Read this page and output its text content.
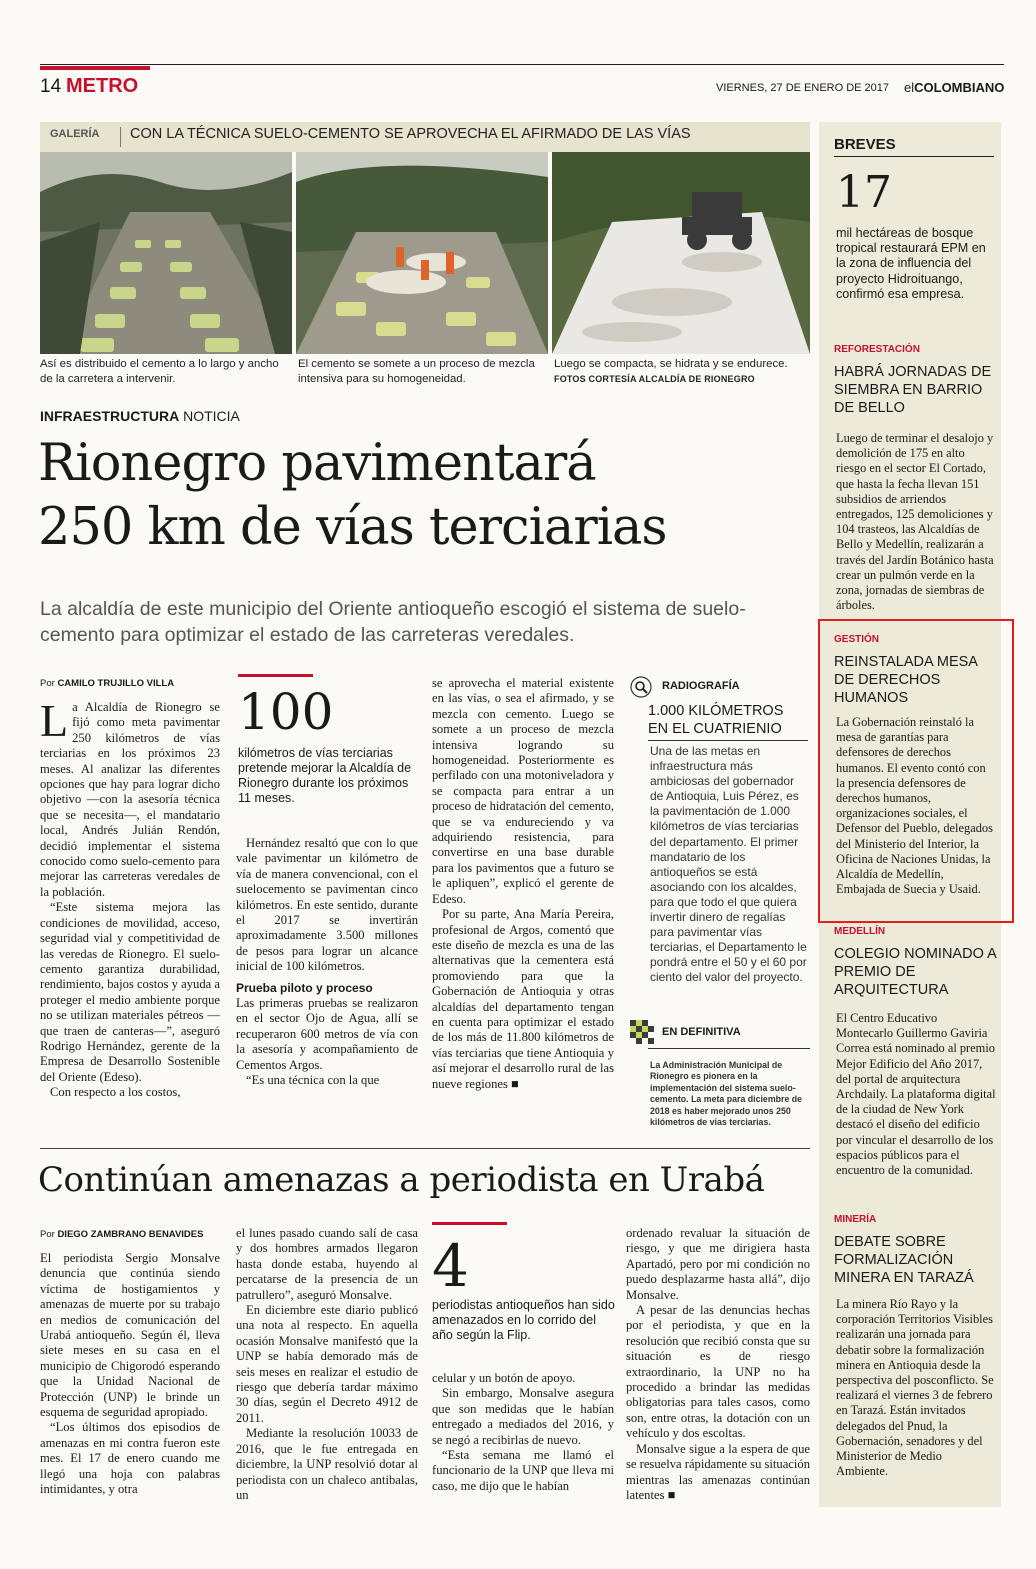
14 METRO	VIERNES, 27 DE ENERO DE 2017 elCOLOMBIANO
GALERÍA CON LA TÉCNICA SUELO-CEMENTO SE APROVECHA EL AFIRMADO DE LAS VÍAS
Así es distribuido el cemento a lo largo y ancho de la carretera a intervenir.
El cemento se somete a un proceso de mezcla intensiva para su homogeneidad.
Luego se compacta, se hidrata y se endurece. FOTOS CORTESÍA ALCALDÍA DE RIONEGRO
INFRAESTRUCTURA NOTICIA
Rionegro pavimentará
250 km de vías terciarias
La alcaldía de este municipio del Oriente antioqueño escogió el sistema de suelo-cemento para optimizar el estado de las carreteras veredales.
Por CAMILO TRUJILLO VILLA

La Alcaldía de Rionegro se fijó como meta pavimentar 250 kilómetros de vías terciarias en los próximos 23 meses. Al analizar las diferentes opciones que hay para lograr dicho objetivo —con la asesoría técnica que se necesita—, el mandatario local, Andrés Julián Rendón, decidió implementar el sistema conocido como suelo-cemento para mejorar las carreteras veredales de la población.

“Este sistema mejora las condiciones de movilidad, acceso, seguridad vial y competitividad de las veredas de Rionegro. El suelo-cemento garantiza durabilidad, rendimiento, bajos costos y ayuda a proteger el medio ambiente porque no se utilizan materiales pétreos —que traen de canteras—”, aseguró Rodrigo Hernández, gerente de la Empresa de Desarrollo Sostenible del Oriente (Edeso).

Con respecto a los costos,

100
kilómetros de vías terciarias pretende mejorar la Alcaldía de Rionegro durante los próximos 11 meses.

Hernández resaltó que con lo que vale pavimentar un kilómetro de vía de manera convencional, con el suelocemento se pavimentan cinco kilómetros. En este sentido, durante el 2017 se invertirán aproximadamente 3.500 millones de pesos para lograr un alcance inicial de 100 kilómetros.

Prueba piloto y proceso

Las primeras pruebas se realizaron en el sector Ojo de Agua, allí se recuperaron 600 metros de vía con la asesoría y acompañamiento de Cementos Argos.

“Es una técnica con la que

se aprovecha el material existente en las vías, o sea el afirmado, y se mezcla con cemento. Luego se somete a un proceso de mezcla intensiva logrando su homogeneidad. Posteriormente es perfilado con una motoniveladora y se compacta para entrar a un proceso de hidratación del cemento, que se va endureciendo y va adquiriendo resistencia, para convertirse en una base durable para los pavimentos que a futuro se le apliquen”, explicó el gerente de Edeso.

Por su parte, Ana María Pereira, profesional de Argos, comentó que este diseño de mezcla es una de las alternativas que la cementera está promoviendo para que la Gobernación de Antioquia y otras alcaldías del departamento tengan en cuenta para optimizar el estado de los más de 11.800 kilómetros de vías terciarias que tiene Antioquia y así mejorar el desarrollo rural de las nueve regiones ■

RADIOGRAFÍA
1.000 KILÓMETROS
EN EL CUATRIENIO
Una de las metas en infraestructura más ambiciosas del gobernador de Antioquia, Luis Pérez, es la pavimentación de 1.000 kilómetros de vías terciarias del departamento. El primer mandatario de los antioqueños se está asociando con los alcaldes, para que todo el que quiera invertir dinero de regalías para pavimentar vías terciarias, el Departamento le pondrá entre el 50 y el 60 por ciento del valor del proyecto.
EN DEFINITIVA
La Administración Municipal de Rionegro es pionera en la implementación del sistema suelo-cemento. La meta para diciembre de 2018 es haber mejorado unos 250 kilómetros de vías terciarias.
Continúan amenazas a periodista en Urabá
Por DIEGO ZAMBRANO BENAVIDES

El periodista Sergio Monsalve denuncia que continúa siendo víctima de hostigamientos y amenazas de muerte por su trabajo en medios de comunicación del Urabá antioqueño. Según él, lleva siete meses en su casa en el municipio de Chigorodó esperando que la Unidad Nacional de Protección (UNP) le brinde un esquema de seguridad apropiado.

“Los últimos dos episodios de amenazas en mi contra fueron este mes. El 17 de enero cuando me llegó una hoja con palabras intimidantes, y otra

el lunes pasado cuando salí de casa y dos hombres armados llegaron hasta donde estaba, huyendo al percatarse de la presencia de un patrullero”, aseguró Monsalve.

En diciembre este diario publicó una nota al respecto. En aquella ocasión Monsalve manifestó que la UNP se había demorado más de seis meses en realizar el estudio de riesgo que debería tardar máximo 30 días, según el Decreto 4912 de 2011.

Mediante la resolución 10033 de 2016, que le fue entregada en diciembre, la UNP resolvió dotar al periodista con un chaleco antibalas, un

4
periodistas antioqueños han sido amenazados en lo corrido del año según la Flip.

celular y un botón de apoyo.

Sin embargo, Monsalve asegura que son medidas que le habían entregado a mediados del 2016, y se negó a recibirlas de nuevo.

“Esta semana me llamó el funcionario de la UNP que lleva mi caso, me dijo que le habían

ordenado revaluar la situación de riesgo, y que me dirigiera hasta Apartadó, pero por mi condición no puedo desplazarme hasta allá”, dijo Monsalve.

A pesar de las denuncias hechas por el periodista, y que en la resolución que recibió consta que su situación es de riesgo extraordinario, la UNP no ha procedido a brindar las medidas obligatorias para tales casos, como son, entre otras, la dotación con un vehículo y dos escoltas.

Monsalve sigue a la espera de que se resuelva rápidamente su situación mientras las amenazas continúan latentes ■

BREVES
17
mil hectáreas de bosque tropical restaurará EPM en la zona de influencia del proyecto Hidroituango, confirmó esa empresa.
REFORESTACIÓN
HABRÁ JORNADAS DE SIEMBRA EN BARRIO DE BELLO
Luego de terminar el desalojo y demolición de 175 en alto riesgo en el sector El Cortado, que hasta la fecha llevan 151 subsidios de arriendos entregados, 125 demoliciones y 104 trasteos, las Alcaldías de Bello y Medellín, realizarán a través del Jardín Botánico hasta crear un pulmón verde en la zona, jornadas de siembras de árboles.
GESTIÓN
REINSTALADA MESA DE DERECHOS HUMANOS
La Gobernación reinstaló la mesa de garantías para defensores de derechos humanos. El evento contó con la presencia defensores de derechos humanos, organizaciones sociales, el Defensor del Pueblo, delegados del Ministerio del Interior, la Oficina de Naciones Unidas, la Alcaldía de Medellín, Embajada de Suecia y Usaid.
MEDELLÍN
COLEGIO NOMINADO A PREMIO DE ARQUITECTURA
El Centro Educativo Montecarlo Guillermo Gaviria Correa está nominado al premio Mejor Edificio del Año 2017, del portal de arquitectura Archdaily. La plataforma digital de la ciudad de New York destacó el diseño del edificio por vincular el desarrollo de los espacios públicos para el encuentro de la comunidad.
MINERÍA
DEBATE SOBRE FORMALIZACIÓN MINERA EN TARAZÁ
La minera Río Rayo y la corporación Territorios Visibles realizarán una jornada para debatir sobre la formalización minera en Antioquia desde la perspectiva del posconflicto. Se realizará el viernes 3 de febrero en Tarazá. Están invitados delegados del Pnud, la Gobernación, senadores y del Ministerior de Medio Ambiente.
